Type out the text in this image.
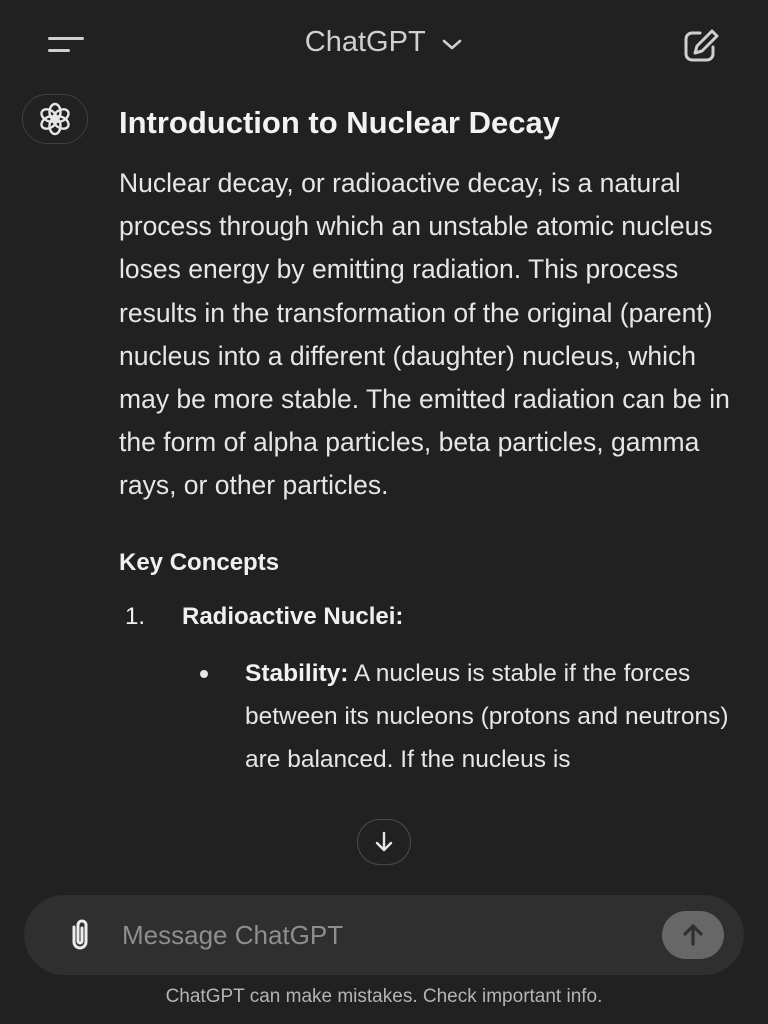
ChatGPT
Introduction to Nuclear Decay
Nuclear decay, or radioactive decay, is a natural process through which an unstable atomic nucleus loses energy by emitting radiation. This process results in the transformation of the original (parent) nucleus into a different (daughter) nucleus, which may be more stable. The emitted radiation can be in the form of alpha particles, beta particles, gamma rays, or other particles.
Key Concepts
1. Radioactive Nuclei:
Stability: A nucleus is stable if the forces between its nucleons (protons and neutrons) are balanced. If the nucleus is
Message ChatGPT
ChatGPT can make mistakes. Check important info.
